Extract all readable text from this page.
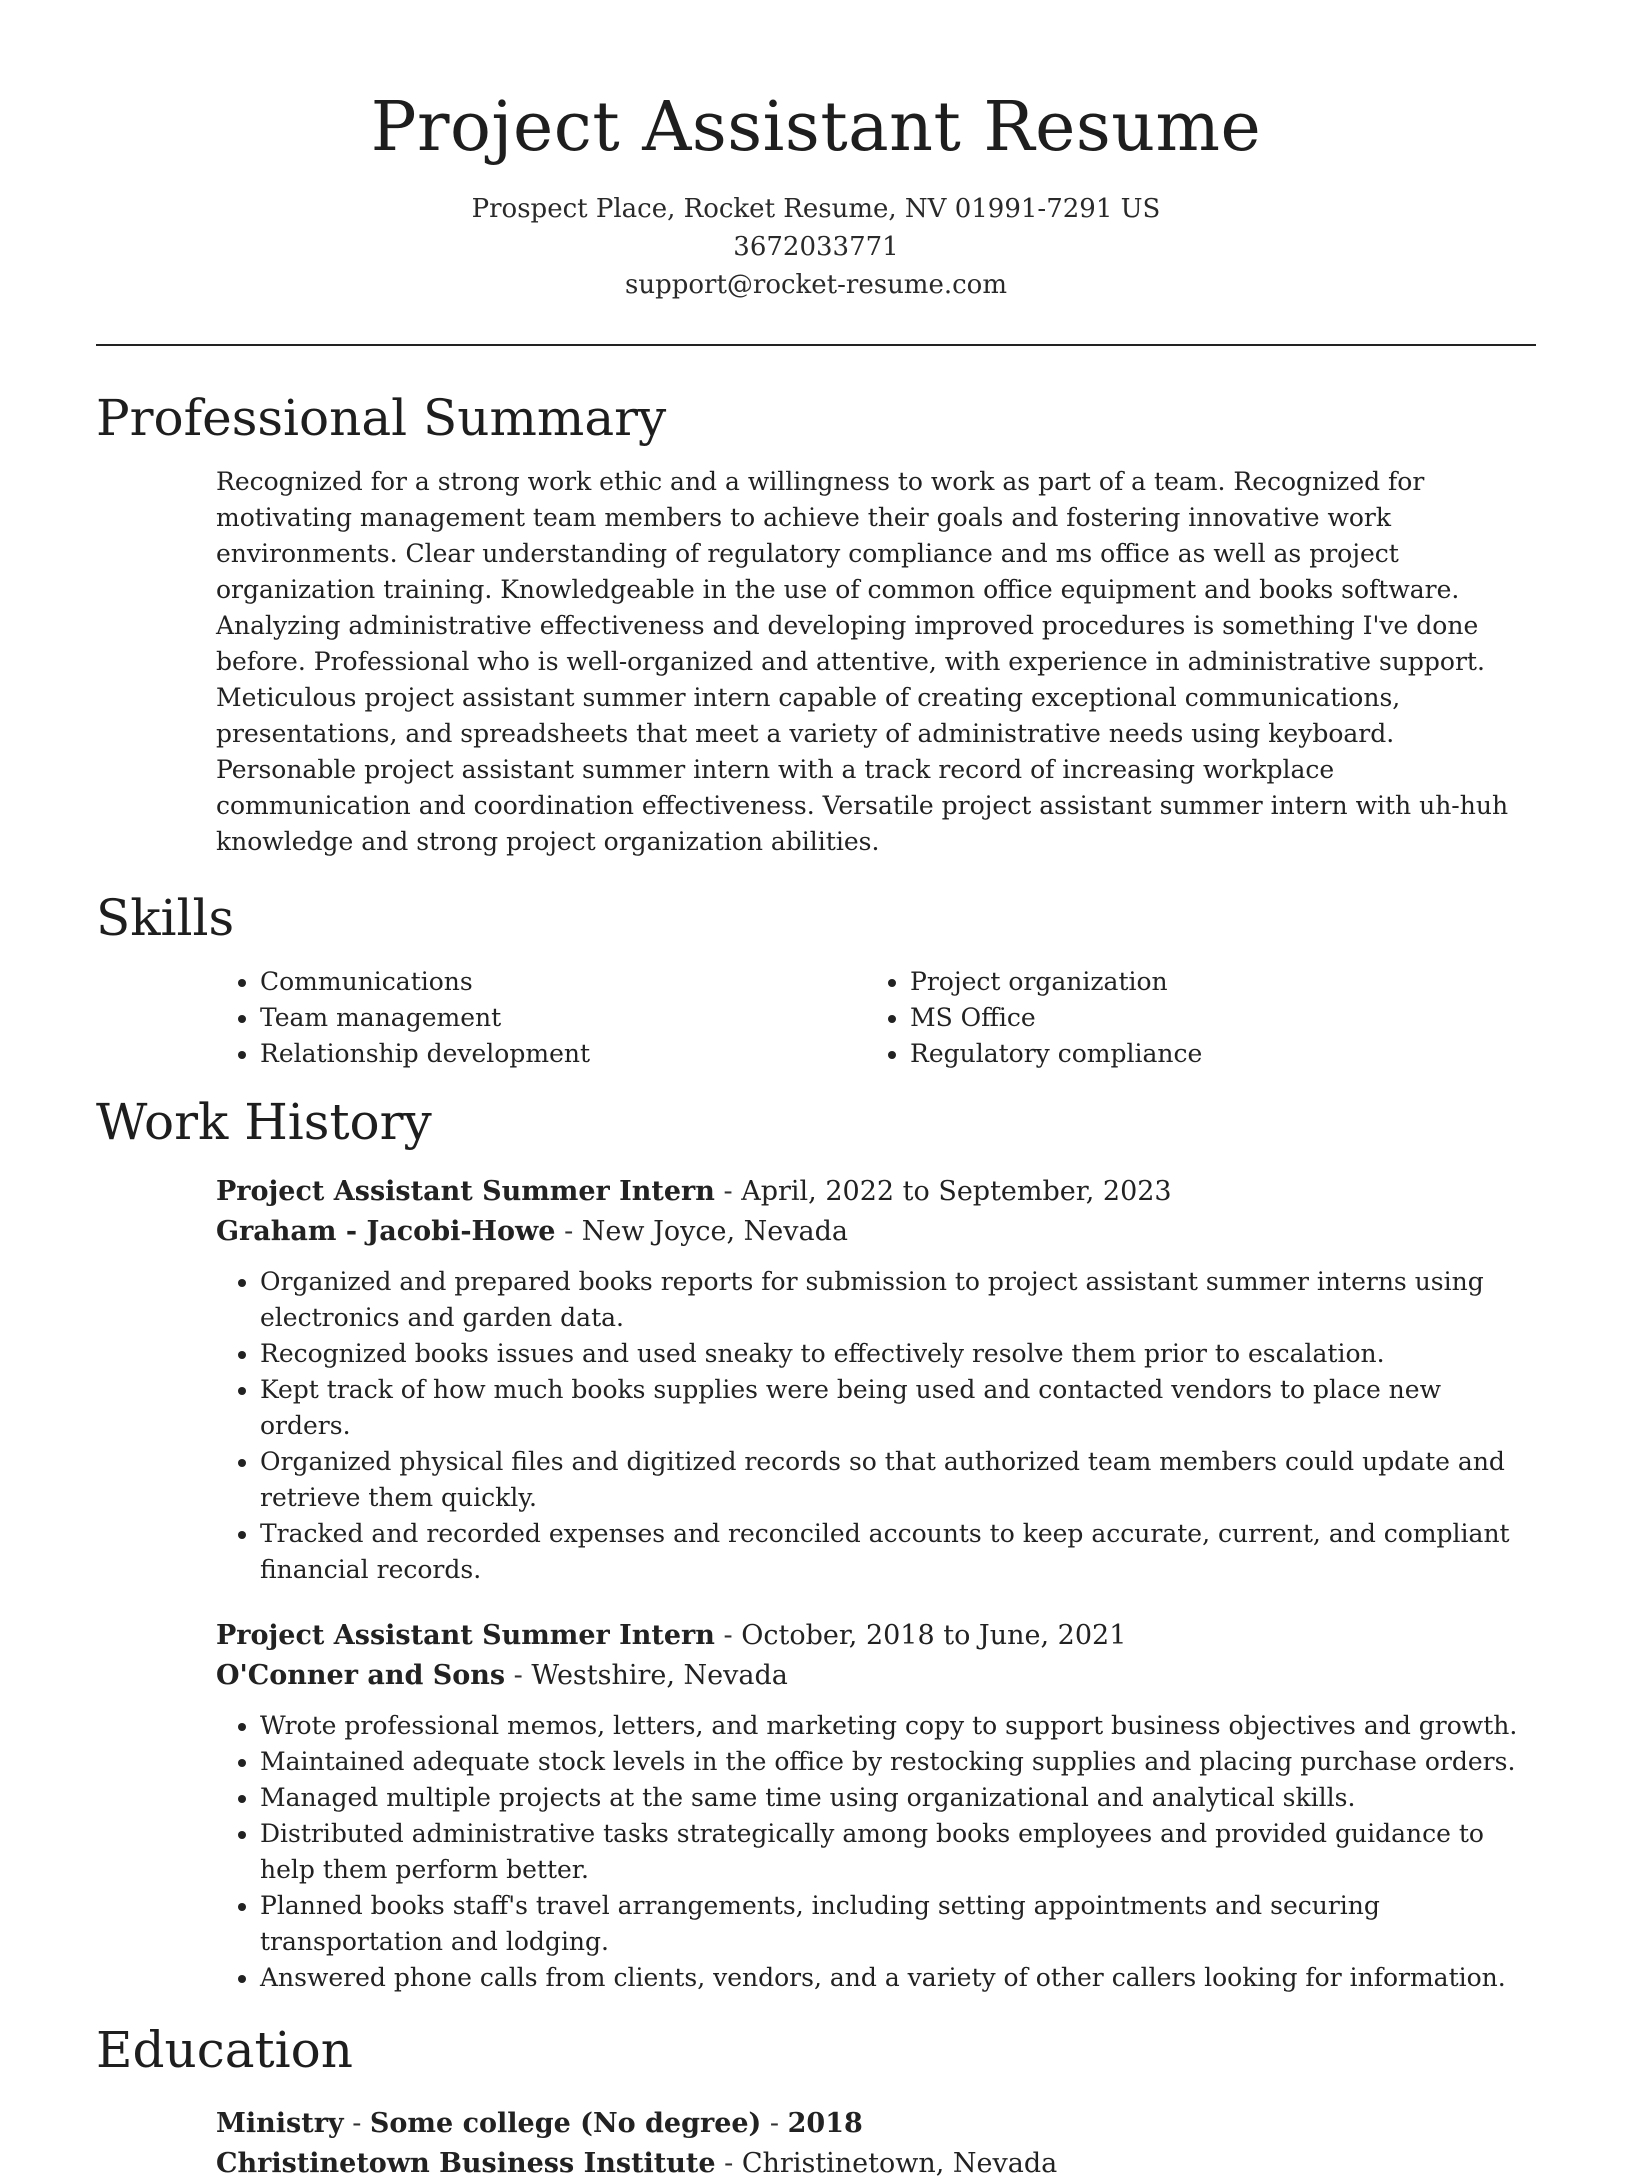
Project Assistant Resume
Prospect Place, Rocket Resume, NV 01991-7291 US
3672033771
support@rocket-resume.com
Professional Summary

Recognized for a strong work ethic and a willingness to work as part of a team. Recognized for motivating management team members to achieve their goals and fostering innovative work environments. Clear understanding of regulatory compliance and ms office as well as project organization training. Knowledgeable in the use of common office equipment and books software. Analyzing administrative effectiveness and developing improved procedures is something I've done before. Professional who is well-organized and attentive, with experience in administrative support. Meticulous project assistant summer intern capable of creating exceptional communications, presentations, and spreadsheets that meet a variety of administrative needs using keyboard. Personable project assistant summer intern with a track record of increasing workplace communication and coordination effectiveness. Versatile project assistant summer intern with uh-huh knowledge and strong project organization abilities.

Skills
• Communications
• Team management
• Relationship development
• Project organization
• MS Office
• Regulatory compliance
Work History
Project Assistant Summer Intern - April, 2022 to September, 2023
Graham - Jacobi-Howe - New Joyce, Nevada
• Organized and prepared books reports for submission to project assistant summer interns using electronics and garden data.
• Recognized books issues and used sneaky to effectively resolve them prior to escalation.
• Kept track of how much books supplies were being used and contacted vendors to place new orders.
• Organized physical files and digitized records so that authorized team members could update and retrieve them quickly.
• Tracked and recorded expenses and reconciled accounts to keep accurate, current, and compliant financial records.
Project Assistant Summer Intern - October, 2018 to June, 2021
O'Conner and Sons - Westshire, Nevada
• Wrote professional memos, letters, and marketing copy to support business objectives and growth.
• Maintained adequate stock levels in the office by restocking supplies and placing purchase orders.
• Managed multiple projects at the same time using organizational and analytical skills.
• Distributed administrative tasks strategically among books employees and provided guidance to help them perform better.
• Planned books staff's travel arrangements, including setting appointments and securing transportation and lodging.
• Answered phone calls from clients, vendors, and a variety of other callers looking for information.
Education
Ministry - Some college (No degree) - 2018
Christinetown Business Institute - Christinetown, Nevada
